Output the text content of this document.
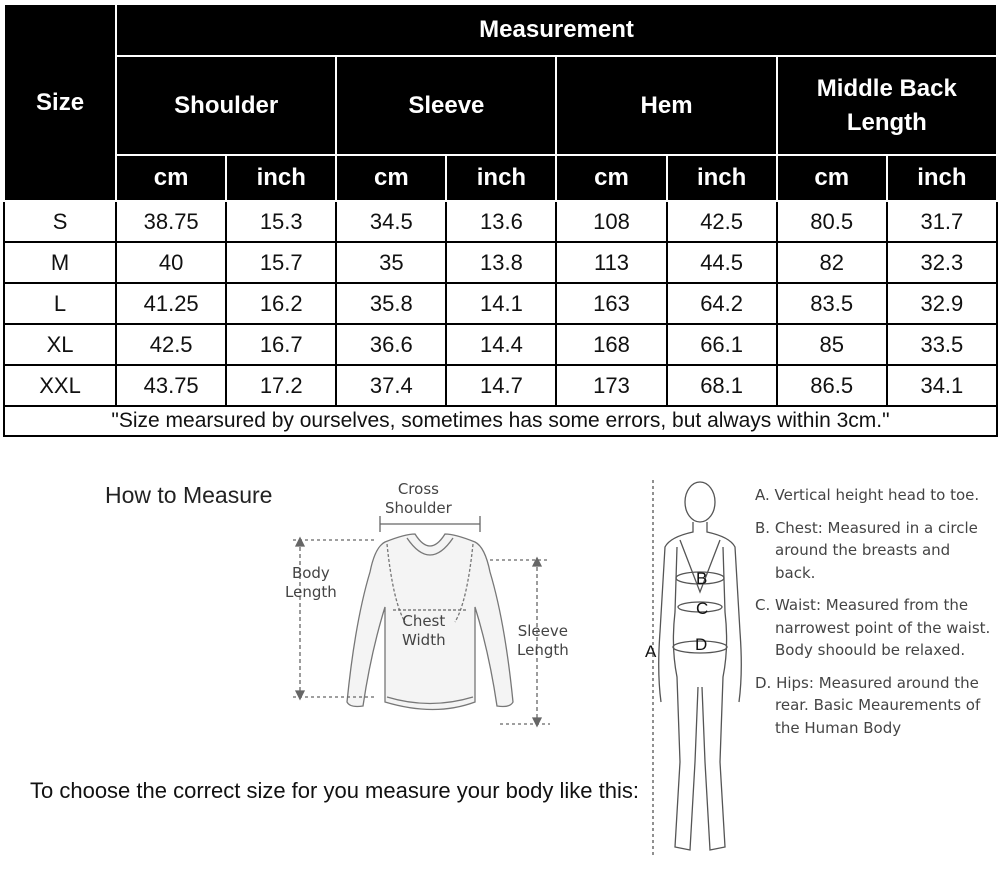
Size	Measurement							
	Shoulder		Sleeve		Hem		Middle Back
Length	
	cm	inch	cm	inch	cm	inch	cm	inch
S	38.75	15.3	34.5	13.6	108	42.5	80.5	31.7
M	40	15.7	35	13.8	113	44.5	82	32.3
L	41.25	16.2	35.8	14.1	163	64.2	83.5	32.9
XL	42.5	16.7	36.6	14.4	168	66.1	85	33.5
XXL	43.75	17.2	37.4	14.7	173	68.1	86.5	34.1
"Size mearsured by ourselves, sometimes has some errors, but always within 3cm."								
How to Measure
To choose the correct size for you measure your body like this:
Cross
Shoulder
Body
Length
Chest
Width	Sleeve
Length	A
B
C
D
A. Vertical height head to toe.
B. Chest: Measured in a circle around the breasts and back.
C. Waist: Measured from the narrowest point of the waist. Body shoould be relaxed.
D. Hips: Measured around the rear. Basic Meaurements of the Human Body
